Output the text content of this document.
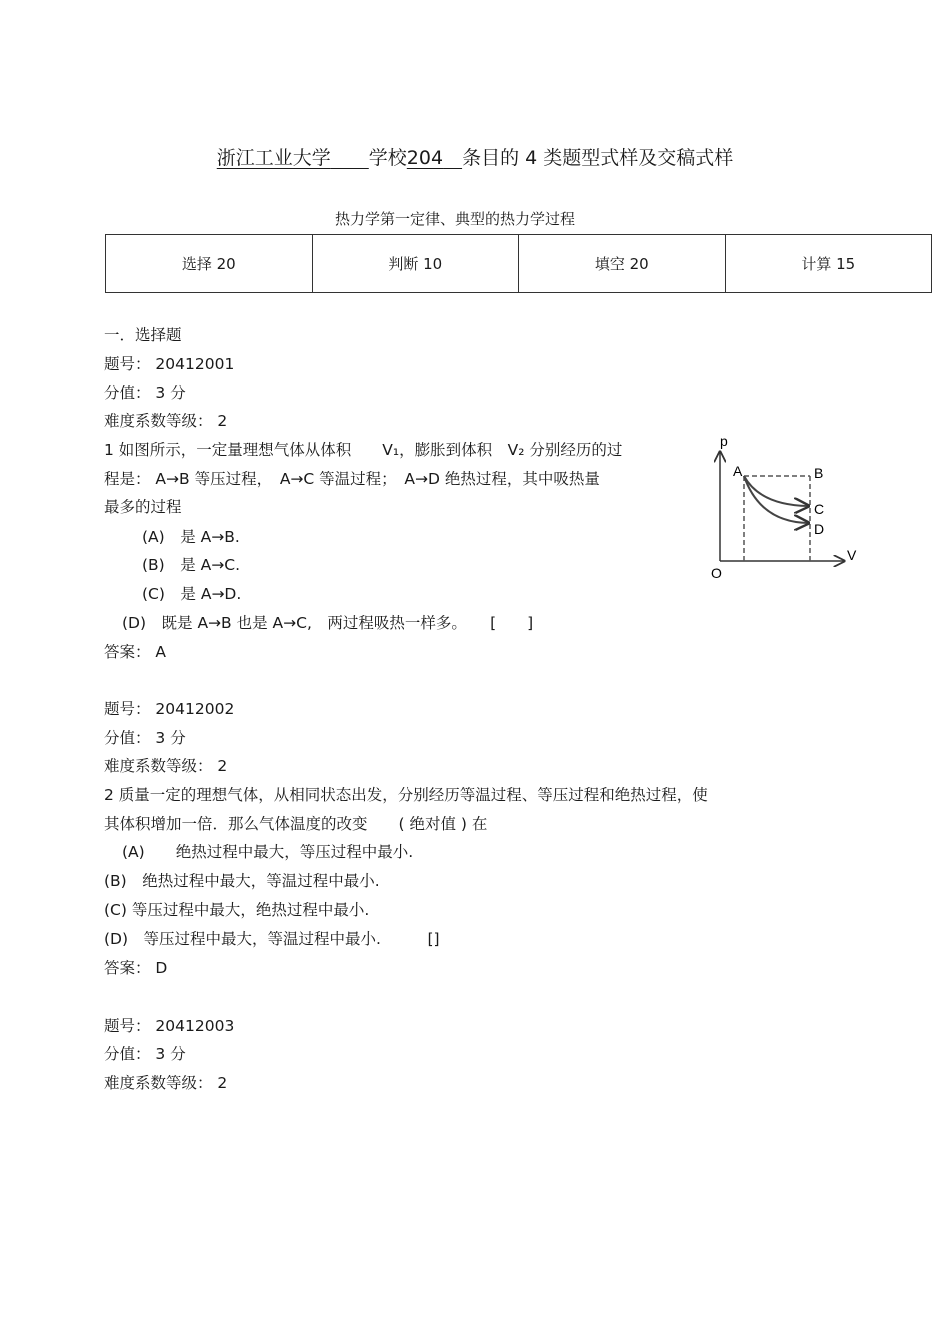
浙江工业大学　　 学校204　 条目的 4 类题型式样及交稿式样
热力学第一定律、典型的热力学过程
选择 20	判断 10	填空 20	计算 15
一．选择题
题号： 20412001
分值： 3 分
难度系数等级： 2
1 如图所示，一定量理想气体从体积　　V₁，膨胀到体积　V₂ 分别经历的过
程是： A→B 等压过程，　A→C 等温过程；　A→D 绝热过程，其中吸热量
最多的过程
(A)　是 A→B.
(B)　是 A→C.
(C)　是 A→D.
(D)　既是 A→B 也是 A→C,　两过程吸热一样多。　　[　　]
答案： A
p
V
O
A	B
C
D
题号： 20412002
分值： 3 分
难度系数等级： 2
2 质量一定的理想气体，从相同状态出发，分别经历等温过程、等压过程和绝热过程，使
其体积增加一倍．那么气体温度的改变　　( 绝对值 ) 在
(A)　　绝热过程中最大，等压过程中最小.
(B)　绝热过程中最大，等温过程中最小.
(C) 等压过程中最大，绝热过程中最小.
(D)　等压过程中最大，等温过程中最小.　　　[]
答案： D
题号： 20412003
分值： 3 分
难度系数等级： 2
